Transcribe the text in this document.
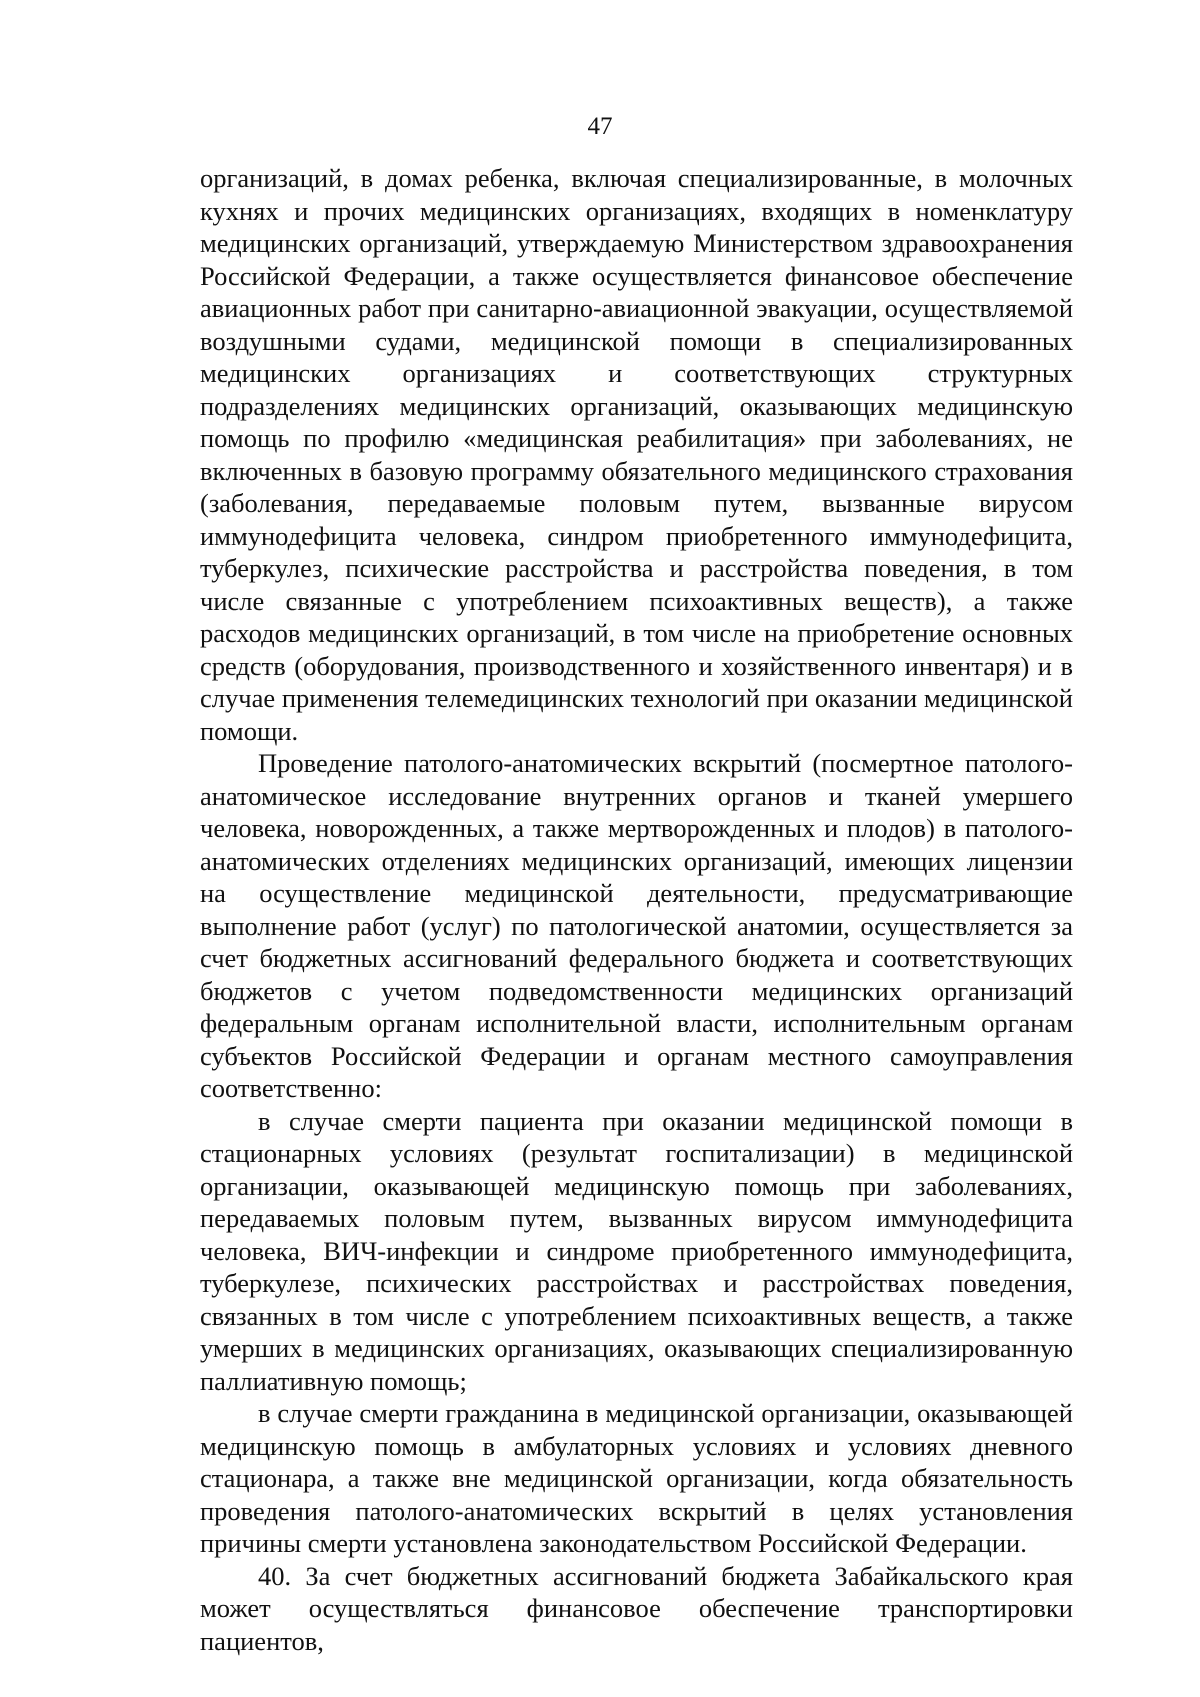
47

организаций, в домах ребенка, включая специализированные, в молочных кухнях и прочих медицинских организациях, входящих в номенклатуру медицинских организаций, утверждаемую Министерством здравоохранения Российской Федерации, а также осуществляется финансовое обеспечение авиационных работ при санитарно-авиационной эвакуации, осуществляемой воздушными судами, медицинской помощи в специализированных медицинских организациях и соответствующих структурных подразделениях медицинских организаций, оказывающих медицинскую помощь по профилю «медицинская реабилитация» при заболеваниях, не включенных в базовую программу обязательного медицинского страхования (заболевания, передаваемые половым путем, вызванные вирусом иммунодефицита человека, синдром приобретенного иммунодефицита, туберкулез, психические расстройства и расстройства поведения, в том числе связанные с употреблением психоактивных веществ), а также расходов медицинских организаций, в том числе на приобретение основных средств (оборудования, производственного и хозяйственного инвентаря) и в случае применения телемедицинских технологий при оказании медицинской помощи.

Проведение патолого-анатомических вскрытий (посмертное патолого-анатомическое исследование внутренних органов и тканей умершего человека, новорожденных, а также мертворожденных и плодов) в патолого-анатомических отделениях медицинских организаций, имеющих лицензии на осуществление медицинской деятельности, предусматривающие выполнение работ (услуг) по патологической анатомии, осуществляется за счет бюджетных ассигнований федерального бюджета и соответствующих бюджетов с учетом подведомственности медицинских организаций федеральным органам исполнительной власти, исполнительным органам субъектов Российской Федерации и органам местного самоуправления соответственно:

в случае смерти пациента при оказании медицинской помощи в стационарных условиях (результат госпитализации) в медицинской организации, оказывающей медицинскую помощь при заболеваниях, передаваемых половым путем, вызванных вирусом иммунодефицита человека, ВИЧ-инфекции и синдроме приобретенного иммунодефицита, туберкулезе, психических расстройствах и расстройствах поведения, связанных в том числе с употреблением психоактивных веществ, а также умерших в медицинских организациях, оказывающих специализированную паллиативную помощь;

в случае смерти гражданина в медицинской организации, оказывающей медицинскую помощь в амбулаторных условиях и условиях дневного стационара, а также вне медицинской организации, когда обязательность проведения патолого-анатомических вскрытий в целях установления причины смерти установлена законодательством Российской Федерации.

40. За счет бюджетных ассигнований бюджета Забайкальского края может осуществляться финансовое обеспечение транспортировки пациентов,
